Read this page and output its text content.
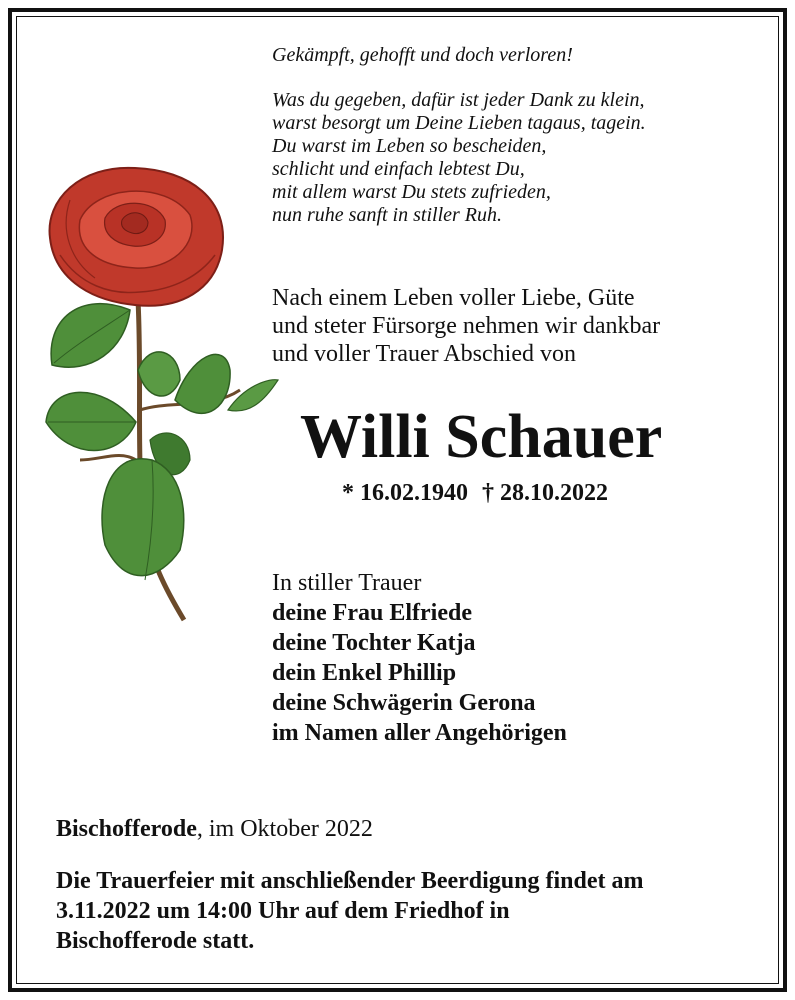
Gekämpft, gehofft und doch verloren!
Was du gegeben, dafür ist jeder Dank zu klein,
warst besorgt um Deine Lieben tagaus, tagein.
Du warst im Leben so bescheiden,
schlicht und einfach lebtest Du,
mit allem warst Du stets zufrieden,
nun ruhe sanft in stiller Ruh.
Nach einem Leben voller Liebe, Güte
und steter Fürsorge nehmen wir dankbar
und voller Trauer Abschied von
Willi Schauer
* 16.02.1940 † 28.10.2022
In stiller Trauer
deine Frau Elfriede
deine Tochter Katja
dein Enkel Phillip
deine Schwägerin Gerona
im Namen aller Angehörigen
Bischofferode, im Oktober 2022
Die Trauerfeier mit anschließender Beerdigung findet am
3.11.2022 um 14:00 Uhr auf dem Friedhof in
Bischofferode statt.
